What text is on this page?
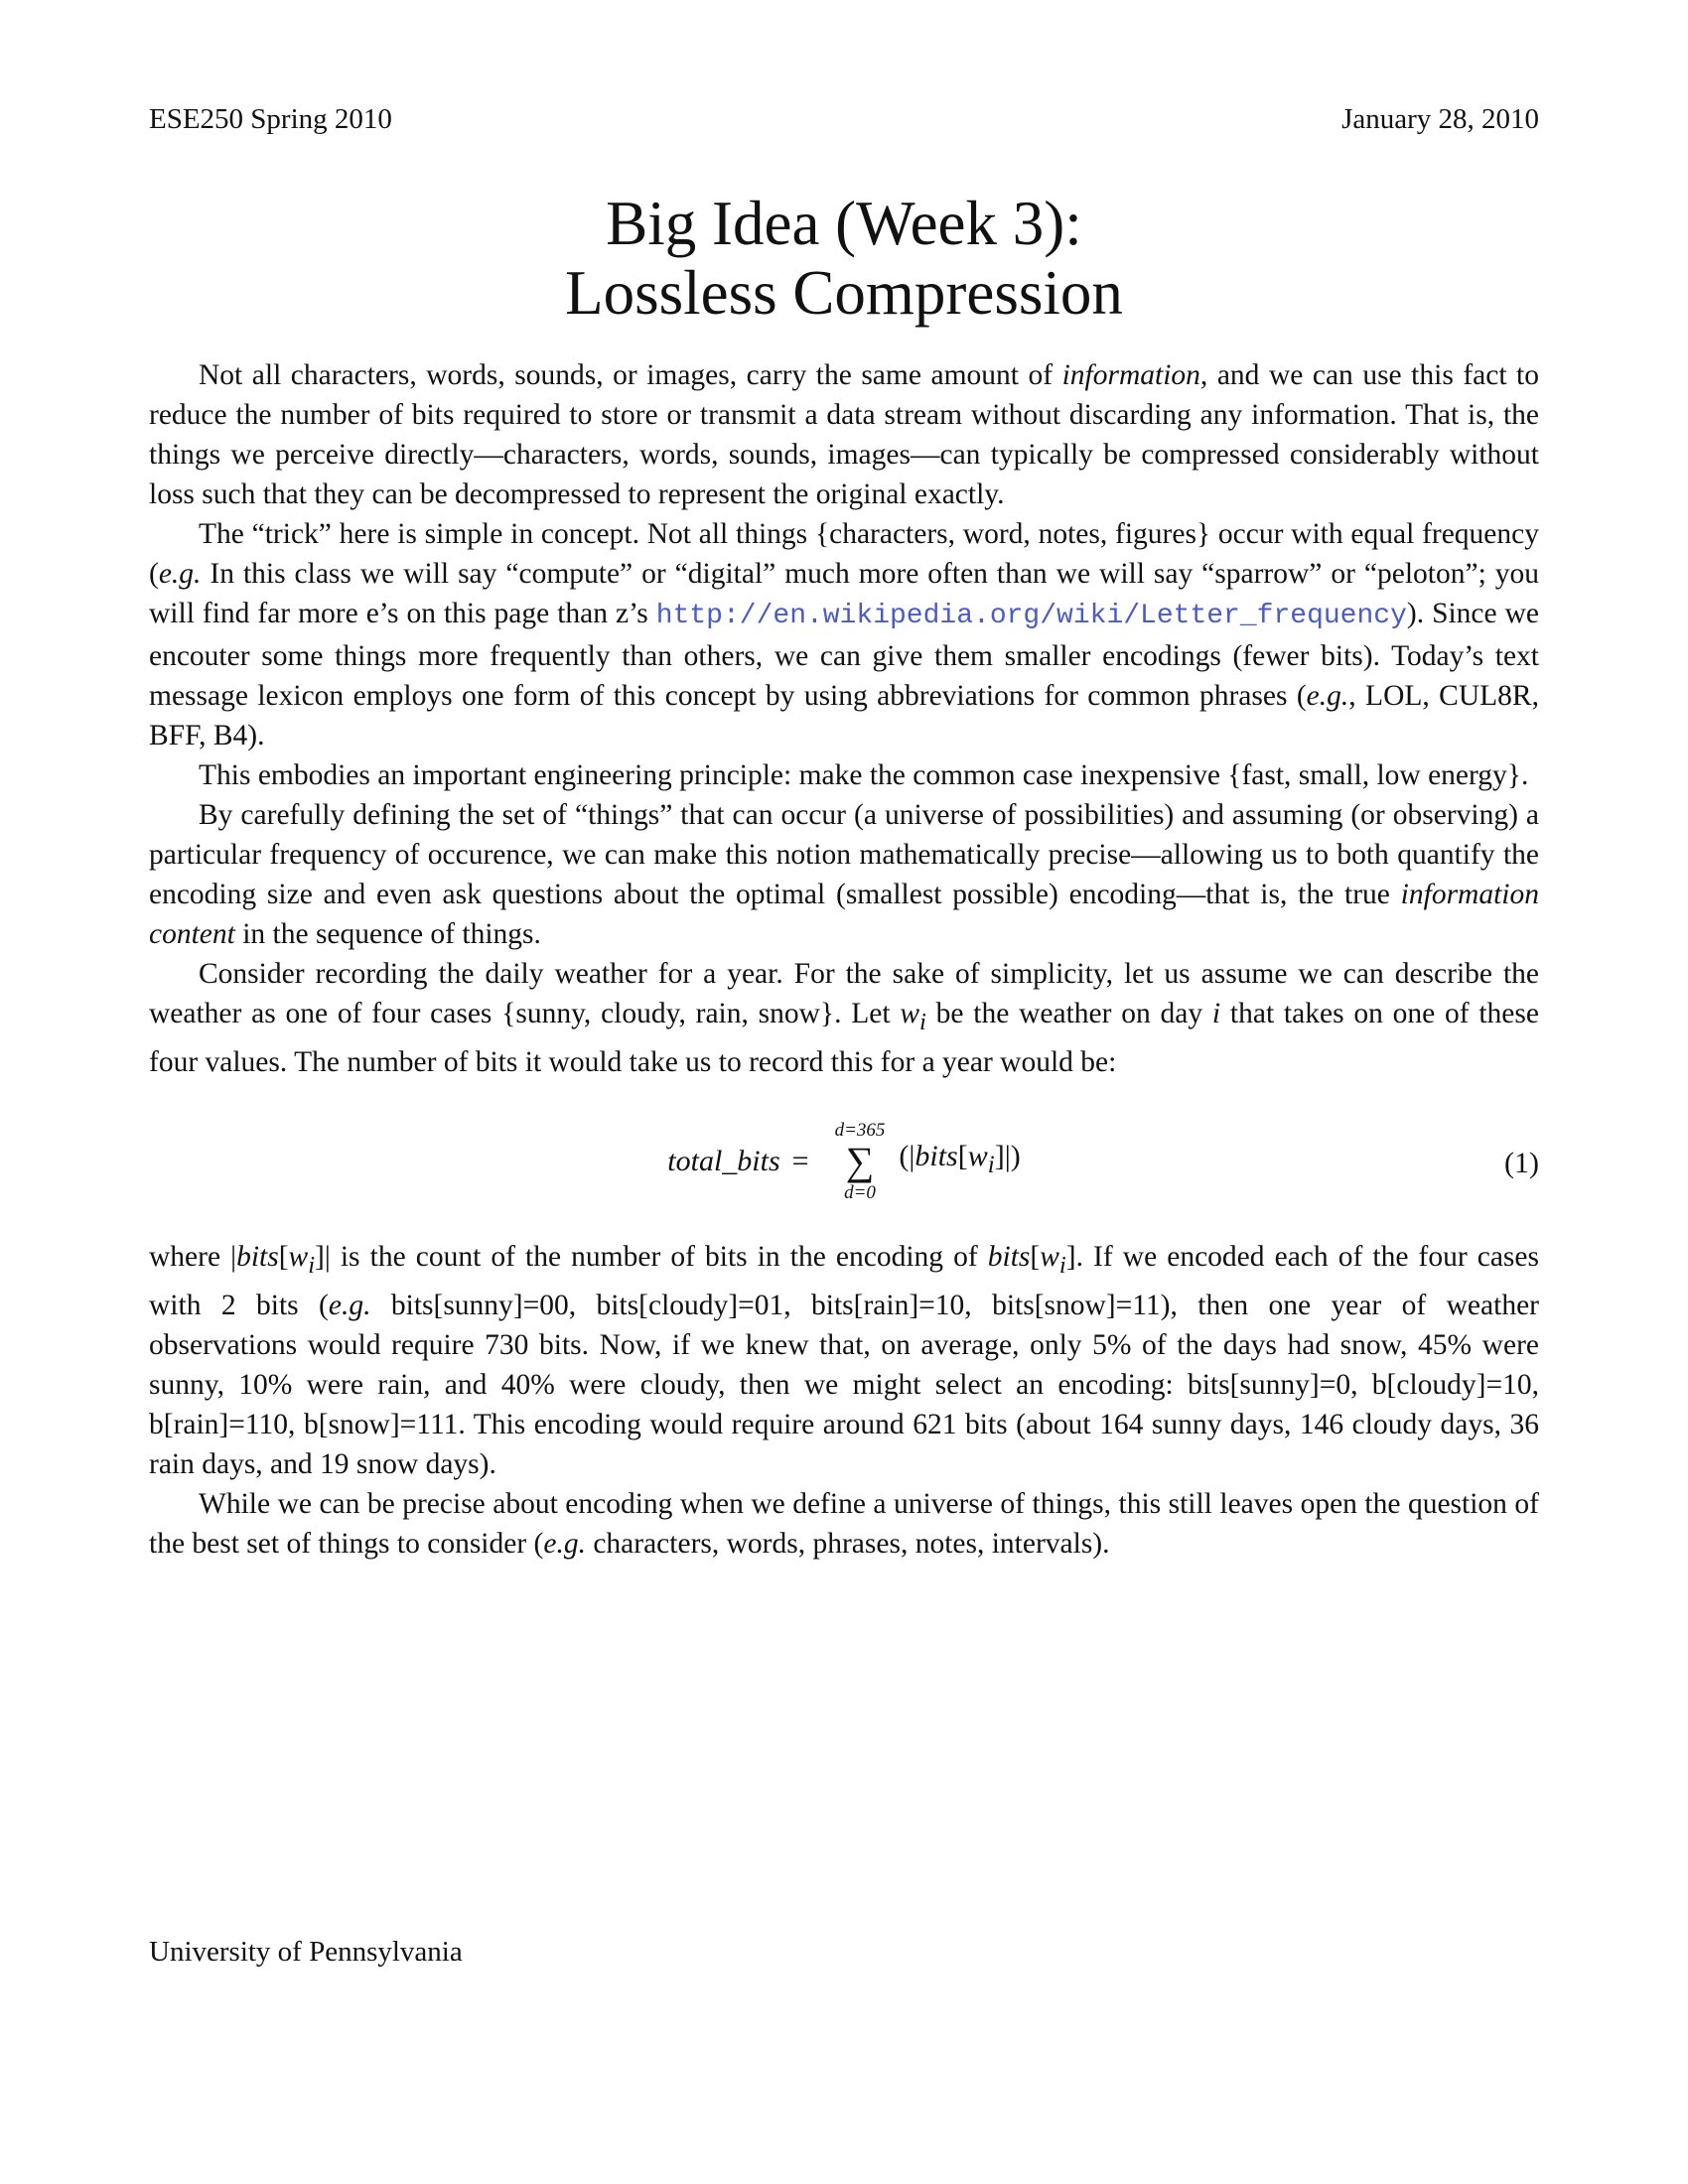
ESE250 Spring 2010	January 28, 2010
Big Idea (Week 3):
Lossless Compression

Not all characters, words, sounds, or images, carry the same amount of information, and we can use this fact to reduce the number of bits required to store or transmit a data stream without discarding any information. That is, the things we perceive directly—characters, words, sounds, images—can typically be compressed considerably without loss such that they can be decompressed to represent the original exactly.

The “trick” here is simple in concept. Not all things {characters, word, notes, figures} occur with equal frequency (e.g. In this class we will say “compute” or “digital” much more often than we will say “sparrow” or “peloton”; you will find far more e’s on this page than z’s http://en.wikipedia.org/wiki/Letter_frequency). Since we encouter some things more frequently than others, we can give them smaller encodings (fewer bits). Today’s text message lexicon employs one form of this concept by using abbreviations for common phrases (e.g., LOL, CUL8R, BFF, B4).

This embodies an important engineering principle: make the common case inexpensive {fast, small, low energy}.

By carefully defining the set of “things” that can occur (a universe of possibilities) and assuming (or observing) a particular frequency of occurence, we can make this notion mathematically precise—allowing us to both quantify the encoding size and even ask questions about the optimal (smallest possible) encoding—that is, the true information content in the sequence of things.

Consider recording the daily weather for a year. For the sake of simplicity, let us assume we can describe the weather as one of four cases {sunny, cloudy, rain, snow}. Let $w_i$ be the weather on day i that takes on one of these four values. The number of bits it would take us to record this for a year would be:

total_bits =
d=365
∑
d=0
$(|bits[w_i]|)$	(1)

where $|bits[w_i]|$ is the count of the number of bits in the encoding of $bits[w_i]$. If we encoded each of the four cases with 2 bits (e.g. bits[sunny]=00, bits[cloudy]=01, bits[rain]=10, bits[snow]=11), then one year of weather observations would require 730 bits. Now, if we knew that, on average, only 5% of the days had snow, 45% were sunny, 10% were rain, and 40% were cloudy, then we might select an encoding: bits[sunny]=0, b[cloudy]=10, b[rain]=110, b[snow]=111. This encoding would require around 621 bits (about 164 sunny days, 146 cloudy days, 36 rain days, and 19 snow days).

While we can be precise about encoding when we define a universe of things, this still leaves open the question of the best set of things to consider (e.g. characters, words, phrases, notes, intervals).

University of Pennsylvania
